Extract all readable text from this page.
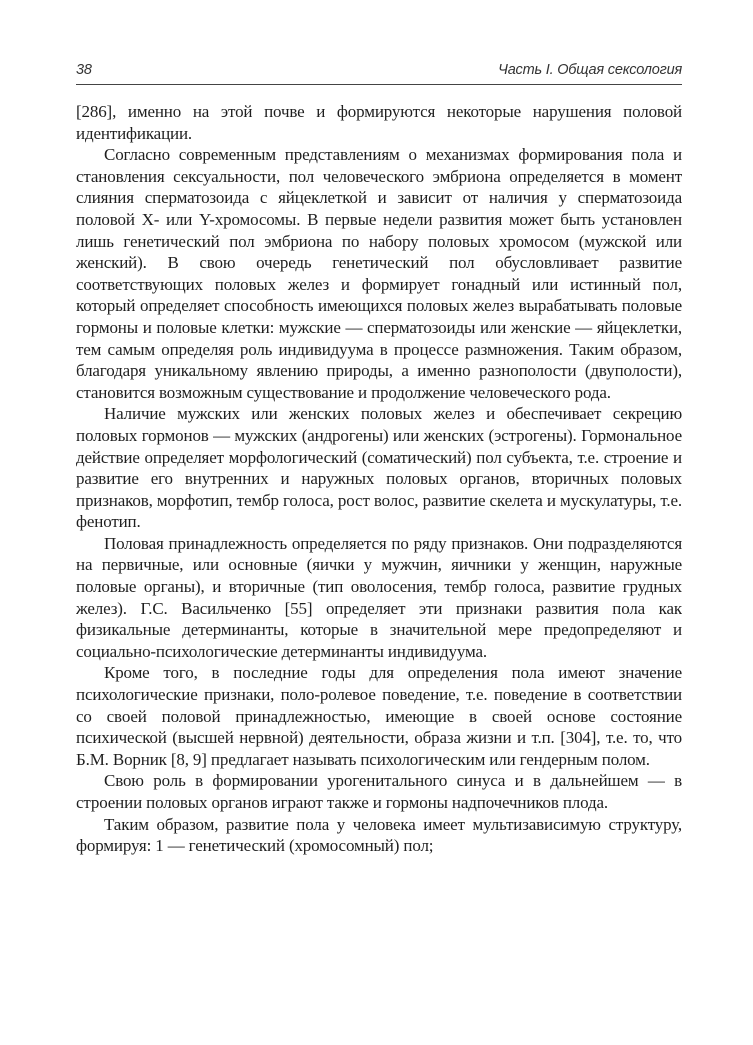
38	Часть I. Общая сексология

[286], именно на этой почве и формируются некоторые нарушения половой идентификации.

Согласно современным представлениям о механизмах формирования пола и становления сексуальности, пол человеческого эмбриона определяется в момент слияния сперматозоида с яйцеклеткой и зависит от наличия у сперматозоида половой X- или Y-хромосомы. В первые недели развития может быть установлен лишь генетический пол эмбриона по набору половых хромосом (мужской или женский). В свою очередь генетический пол обусловливает развитие соответствующих половых желез и формирует гонадный или истинный пол, который определяет способность имеющихся половых желез вырабатывать половые гормоны и половые клетки: мужские — сперматозоиды или женские — яйцеклетки, тем самым определяя роль индивидуума в процессе размножения. Таким образом, благодаря уникальному явлению природы, а именно разнополости (двуполости), становится возможным существование и продолжение человеческого рода.

Наличие мужских или женских половых желез и обеспечивает секрецию половых гормонов — мужских (андрогены) или женских (эстрогены). Гормональное действие определяет морфологический (соматический) пол субъекта, т.е. строение и развитие его внутренних и наружных половых органов, вторичных половых признаков, морфотип, тембр голоса, рост волос, развитие скелета и мускулатуры, т.е. фенотип.

Половая принадлежность определяется по ряду признаков. Они подразделяются на первичные, или основные (яички у мужчин, яичники у женщин, наружные половые органы), и вторичные (тип оволосения, тембр голоса, развитие грудных желез). Г.С. Васильченко [55] определяет эти признаки развития пола как физикальные детерминанты, которые в значительной мере предопределяют и социально-психологические детерминанты индивидуума.

Кроме того, в последние годы для определения пола имеют значение психологические признаки, поло-ролевое поведение, т.е. поведение в соответствии со своей половой принадлежностью, имеющие в своей основе состояние психической (высшей нервной) деятельности, образа жизни и т.п. [304], т.е. то, что Б.М. Ворник [8, 9] предлагает называть психологическим или гендерным полом.

Свою роль в формировании урогенитального синуса и в дальнейшем — в строении половых органов играют также и гормоны надпочечников плода.

Таким образом, развитие пола у человека имеет мультизависимую структуру, формируя: 1 — генетический (хромосомный) пол;
